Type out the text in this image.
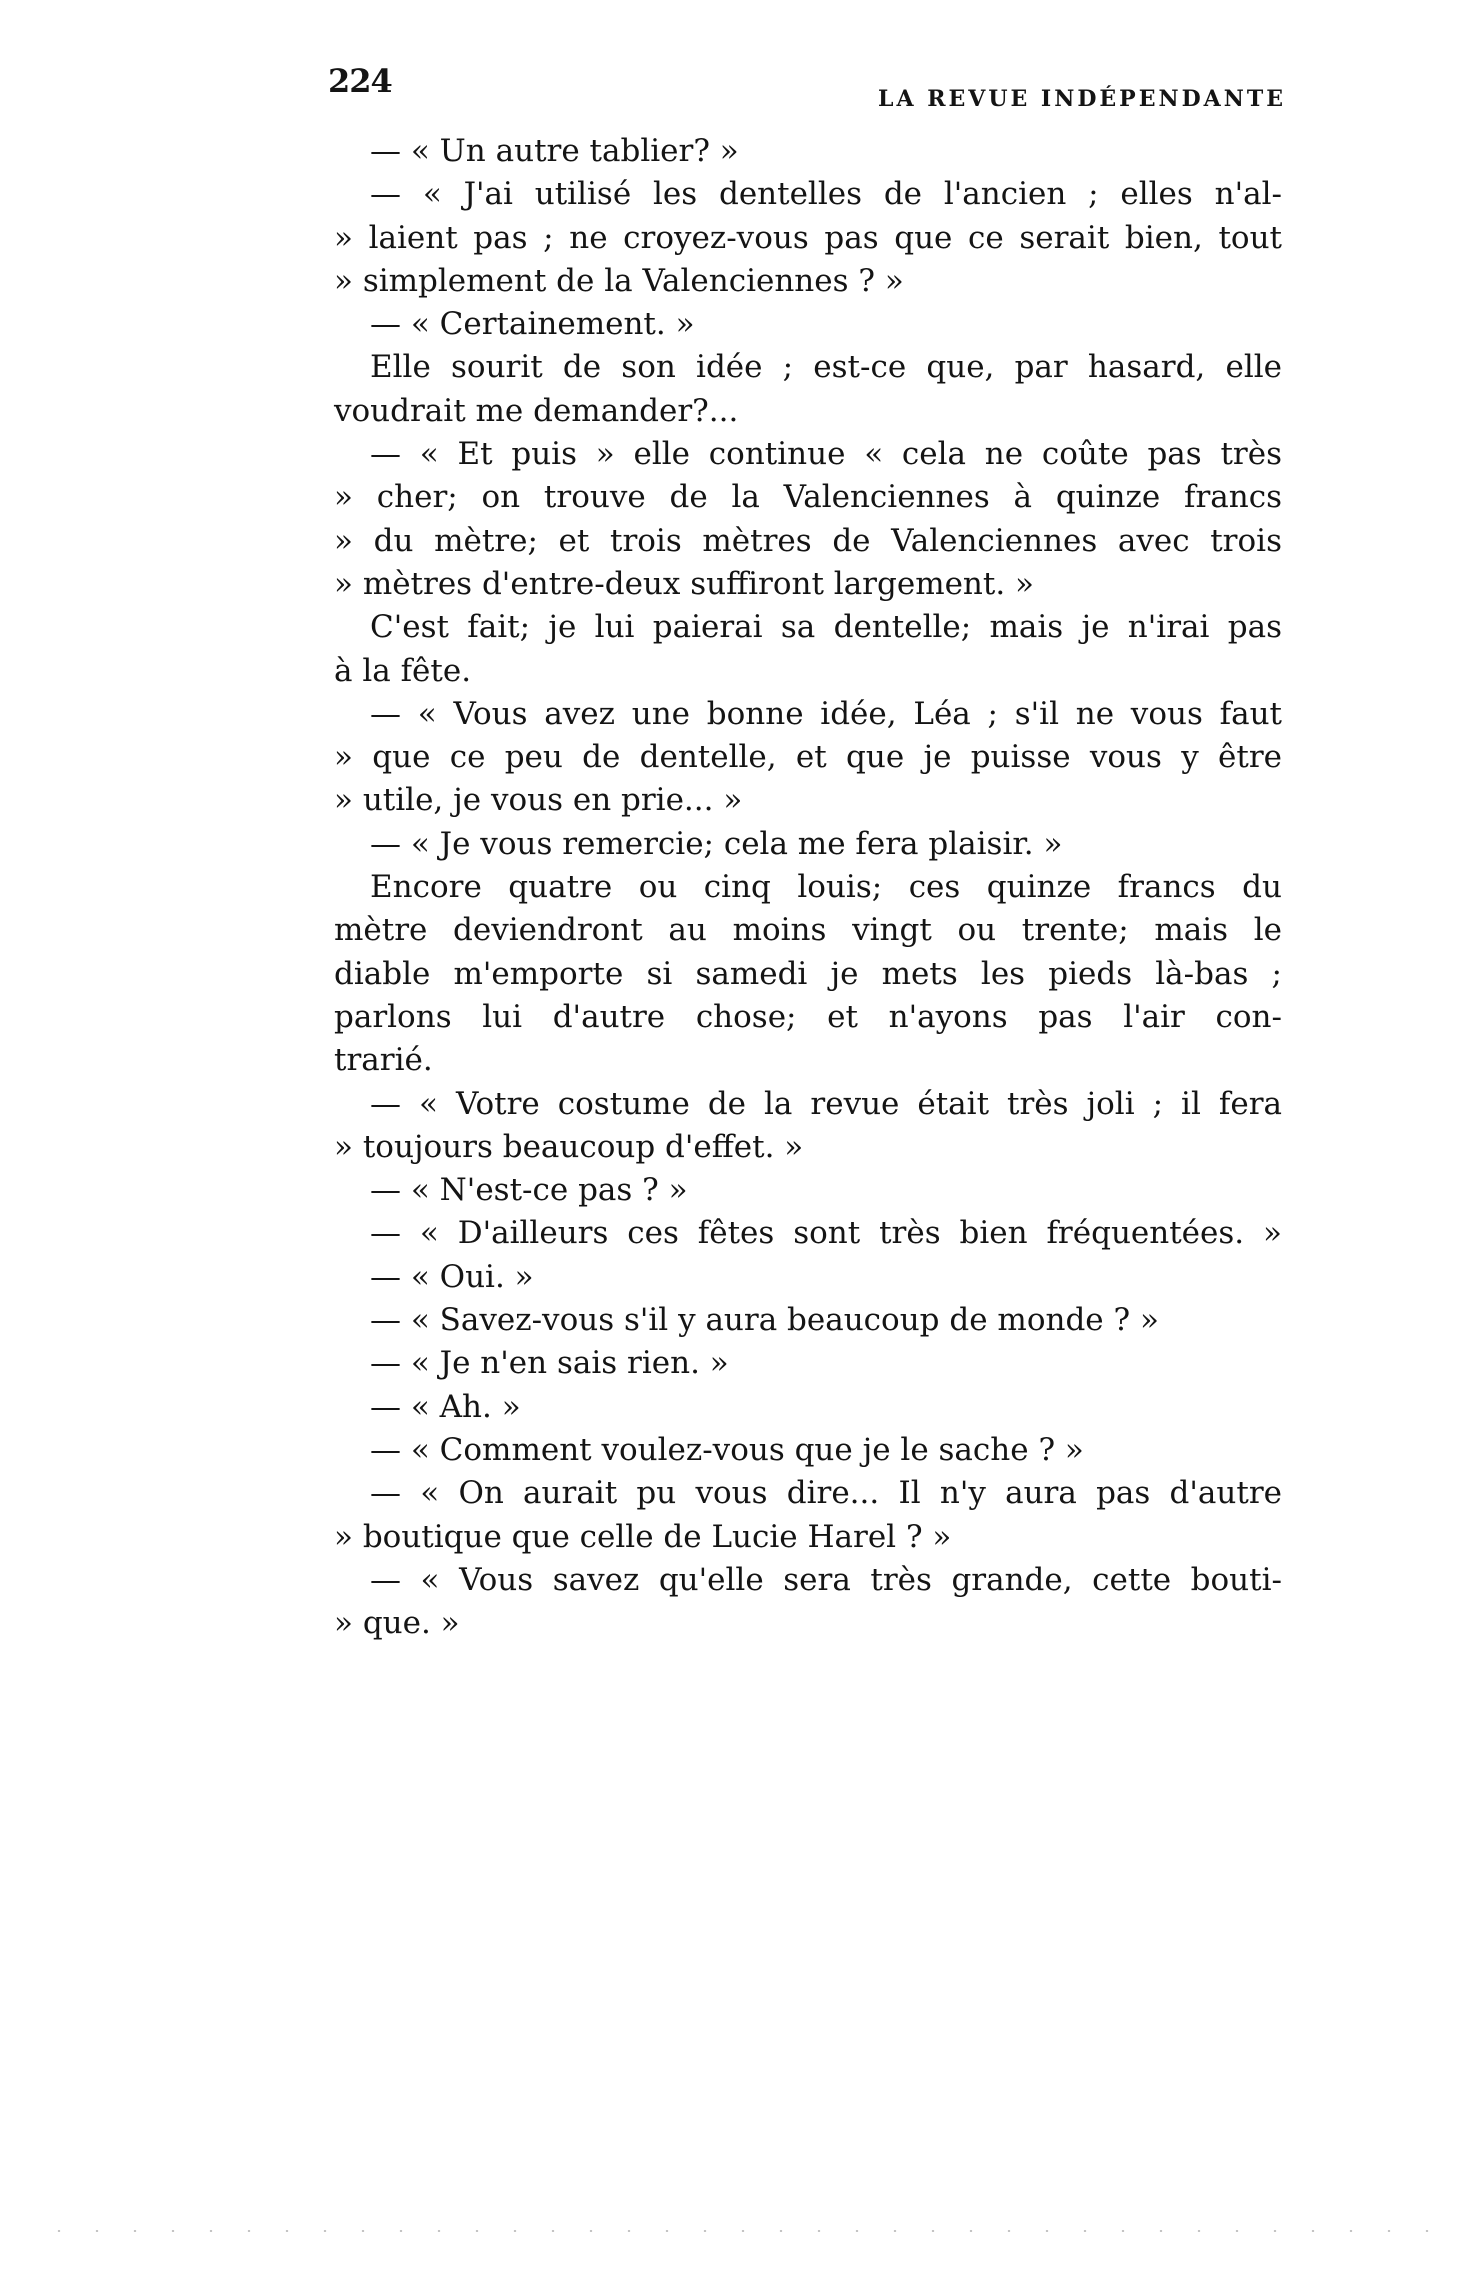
224	LA REVUE INDÉPENDANTE
— « Un autre tablier? »
— « J'ai utilisé les dentelles de l'ancien ; elles n'al-
» laient pas ; ne croyez-vous pas que ce serait bien, tout
» simplement de la Valenciennes ? »
— « Certainement. »
Elle sourit de son idée ; est-ce que, par hasard, elle
voudrait me demander?...
— « Et puis » elle continue « cela ne coûte pas très
» cher; on trouve de la Valenciennes à quinze francs
» du mètre; et trois mètres de Valenciennes avec trois
» mètres d'entre-deux suffiront largement. »
C'est fait; je lui paierai sa dentelle; mais je n'irai pas
à la fête.
— « Vous avez une bonne idée, Léa ; s'il ne vous faut
» que ce peu de dentelle, et que je puisse vous y être
» utile, je vous en prie... »
— « Je vous remercie; cela me fera plaisir. »
Encore quatre ou cinq louis; ces quinze francs du
mètre deviendront au moins vingt ou trente; mais le
diable m'emporte si samedi je mets les pieds là-bas ;
parlons lui d'autre chose; et n'ayons pas l'air con-
trarié.
— « Votre costume de la revue était très joli ; il fera
» toujours beaucoup d'effet. »
— « N'est-ce pas ? »
— « D'ailleurs ces fêtes sont très bien fréquentées. »
— « Oui. »
— « Savez-vous s'il y aura beaucoup de monde ? »
— « Je n'en sais rien. »
— « Ah. »
— « Comment voulez-vous que je le sache ? »
— « On aurait pu vous dire... Il n'y aura pas d'autre
» boutique que celle de Lucie Harel ? »
— « Vous savez qu'elle sera très grande, cette bouti-
» que. »
